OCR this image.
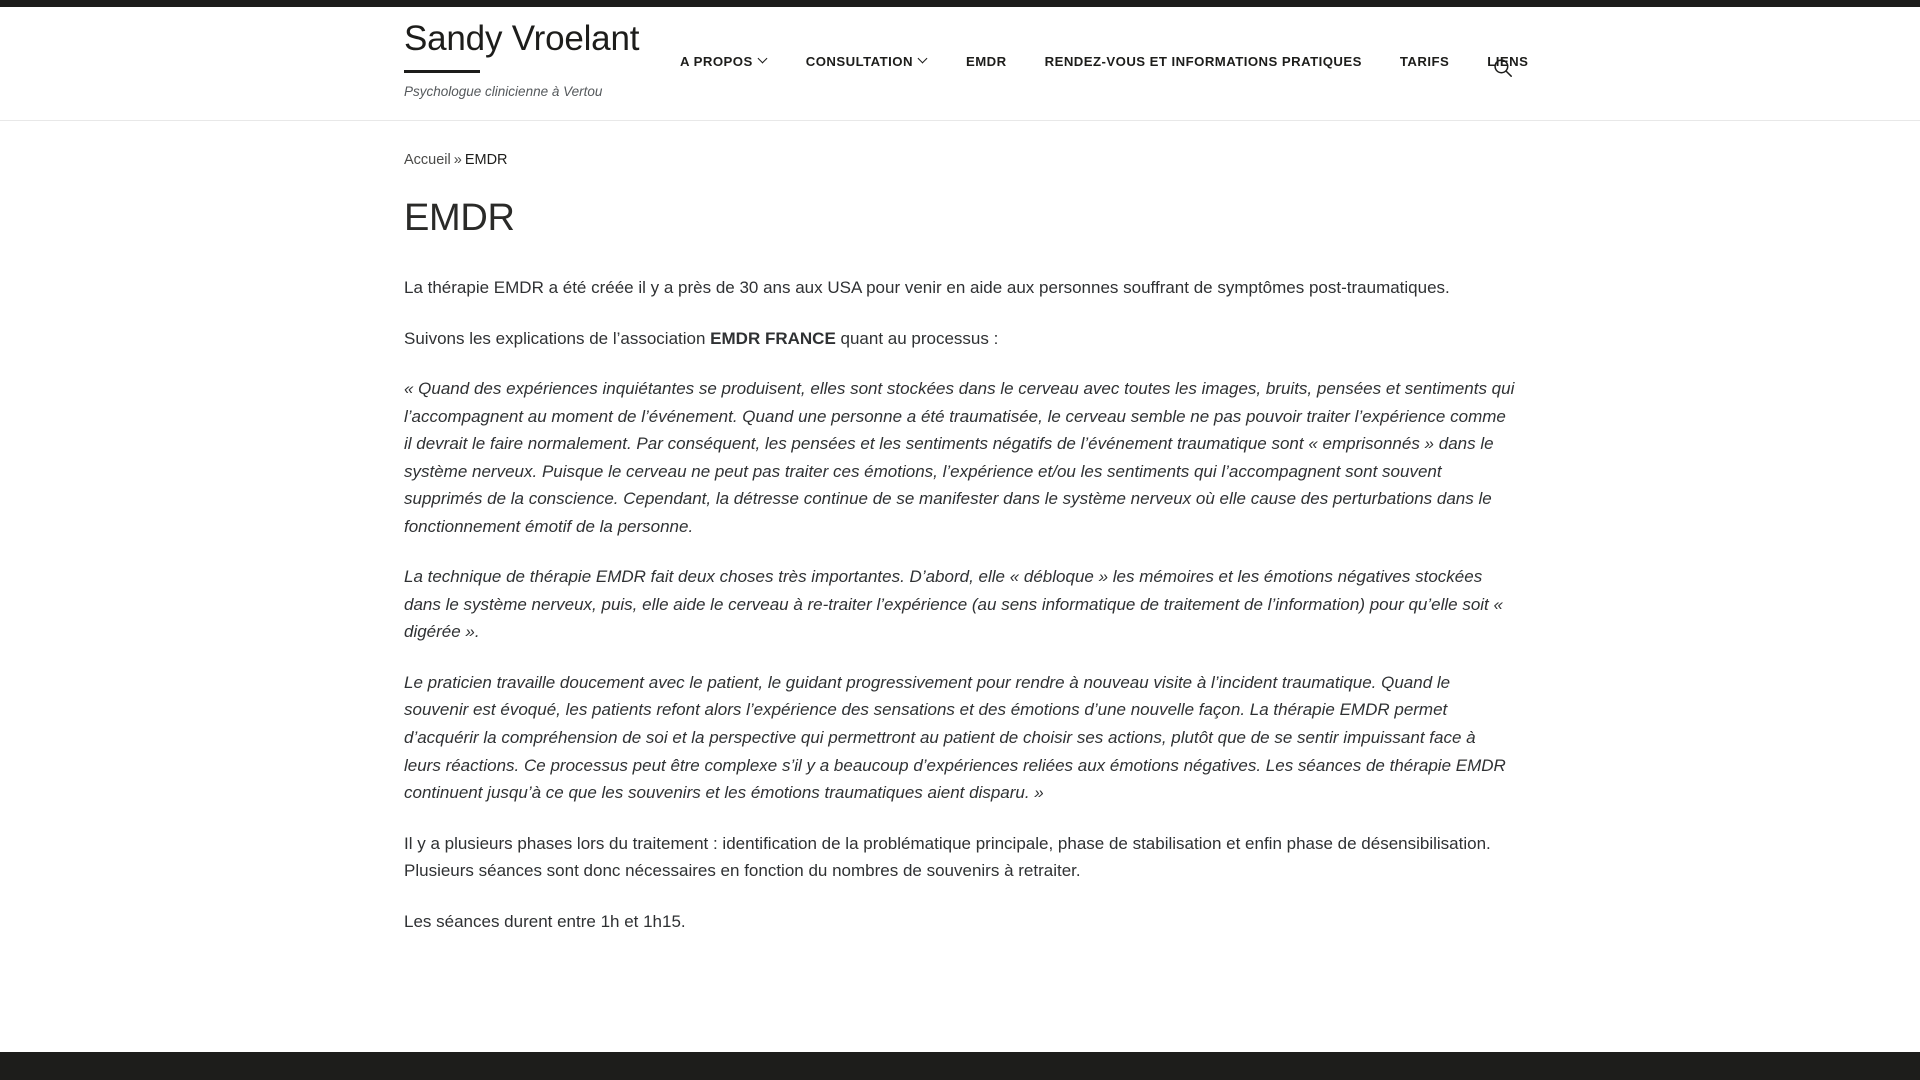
Sandy Vroelant
Psychologue clinicienne à Vertou
A PROPOS	CONSULTATION	EMDR	RENDEZ-VOUS ET INFORMATIONS PRATIQUES	TARIFS	LIENS
Accueil » EMDR
EMDR

La thérapie EMDR a été créée il y a près de 30 ans aux USA pour venir en aide aux personnes souffrant de symptômes post-traumatiques.

Suivons les explications de l’association EMDR FRANCE quant au processus :

« Quand des expériences inquiétantes se produisent, elles sont stockées dans le cerveau avec toutes les images, bruits, pensées et sentiments qui l’accompagnent au moment de l’événement. Quand une personne a été traumatisée, le cerveau semble ne pas pouvoir traiter l’expérience comme il devrait le faire normalement. Par conséquent, les pensées et les sentiments négatifs de l’événement traumatique sont « emprisonnés » dans le système nerveux. Puisque le cerveau ne peut pas traiter ces émotions, l’expérience et/ou les sentiments qui l’accompagnent sont souvent supprimés de la conscience. Cependant, la détresse continue de se manifester dans le système nerveux où elle cause des perturbations dans le fonctionnement émotif de la personne.

La technique de thérapie EMDR fait deux choses très importantes. D’abord, elle « débloque » les mémoires et les émotions négatives stockées dans le système nerveux, puis, elle aide le cerveau à re-traiter l’expérience (au sens informatique de traitement de l’information) pour qu’elle soit « digérée ».

Le praticien travaille doucement avec le patient, le guidant progressivement pour rendre à nouveau visite à l’incident traumatique. Quand le souvenir est évoqué, les patients refont alors l’expérience des sensations et des émotions d’une nouvelle façon. La thérapie EMDR permet d’acquérir la compréhension de soi et la perspective qui permettront au patient de choisir ses actions, plutôt que de se sentir impuissant face à leurs réactions. Ce processus peut être complexe s’il y a beaucoup d’expériences reliées aux émotions négatives. Les séances de thérapie EMDR continuent jusqu’à ce que les souvenirs et les émotions traumatiques aient disparu. »

Il y a plusieurs phases lors du traitement : identification de la problématique principale, phase de stabilisation et enfin phase de désensibilisation. Plusieurs séances sont donc nécessaires en fonction du nombres de souvenirs à retraiter.

Les séances durent entre 1h et 1h15.
